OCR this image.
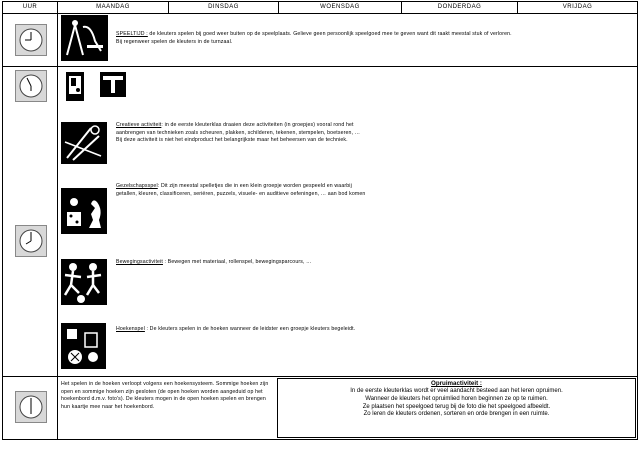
UUR	MAANDAG	DINSDAG	WOENSDAG	DONDERDAG	VRIJDAG
SPEELTIJD : de kleuters spelen bij goed weer buiten op de speelplaats. Gelieve geen persoonlijk speelgoed mee te geven want dit raakt meestal stuk of verloren.
Bij regenweer spelen de kleuters in de turnzaal.
Creatieve activiteit: in de eerste kleuterklas draaien deze activiteiten (in groepjes) vooral rond het aanbrengen van technieken zoals scheuren, plakken, schilderen, tekenen, stempelen, boetseren, …
Bij deze activiteit is niet het eindproduct het belangrijkste maar het beheersen van de techniek.
Gezelschapsspel: Dit zijn meestal spelletjes die in een klein groepje worden gespeeld en waarbij getallen, kleuren, classificeren, seriëren, puzzels, visuele- en auditieve oefeningen, … aan bod komen
Bewegingsactiviteit : Bewegen met materiaal, rollenspel, bewegingsparcours, …
Hoekenspel : De kleuters spelen in de hoeken wanneer de leidster een groepje kleuters begeleidt.
Het spelen in de hoeken verloopt volgens een hoekensysteem. Sommige hoeken zijn open en sommige hoeken zijn gesloten (de open hoeken worden aangeduid op het hoekenbord d.m.v. foto's). De kleuters mogen in de open hoeken spelen en brengen hun kaartje mee naar het hoekenbord.
Opruimactiviteit :
In de eerste kleuterklas wordt er veel aandacht besteed aan het leren opruimen.
Wanneer de kleuters het opruimlied horen beginnen ze op te ruimen.
Ze plaatsen het speelgoed terug bij de foto die het speelgoed afbeeldt.
Zo leren de kleuters ordenen, sorteren en orde brengen in een ruimte.
